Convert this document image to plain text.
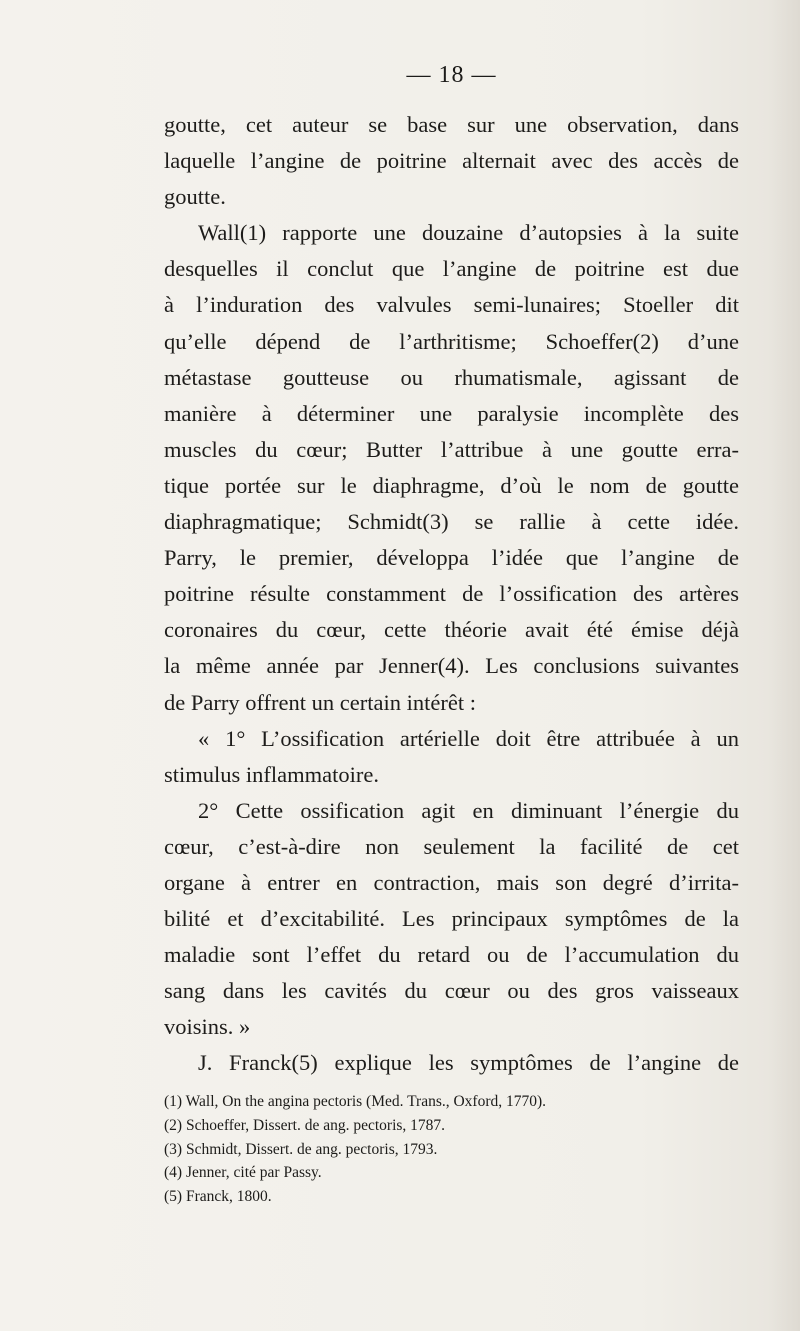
— 18 —
goutte, cet auteur se base sur une observation, dans
laquelle l’angine de poitrine alternait avec des accès de
goutte.
Wall(1) rapporte une douzaine d’autopsies à la suite
desquelles il conclut que l’angine de poitrine est due
à l’induration des valvules semi-lunaires; Stoeller dit
qu’elle dépend de l’arthritisme; Schoeffer(2) d’une
métastase goutteuse ou rhumatismale, agissant de
manière à déterminer une paralysie incomplète des
muscles du cœur; Butter l’attribue à une goutte erra-
tique portée sur le diaphragme, d’où le nom de goutte
diaphragmatique; Schmidt(3) se rallie à cette idée.
Parry, le premier, développa l’idée que l’angine de
poitrine résulte constamment de l’ossification des artères
coronaires du cœur, cette théorie avait été émise déjà
la même année par Jenner(4). Les conclusions suivantes
de Parry offrent un certain intérêt :
« 1° L’ossification artérielle doit être attribuée à un
stimulus inflammatoire.
2° Cette ossification agit en diminuant l’énergie du
cœur, c’est-à-dire non seulement la facilité de cet
organe à entrer en contraction, mais son degré d’irrita-
bilité et d’excitabilité. Les principaux symptômes de la
maladie sont l’effet du retard ou de l’accumulation du
sang dans les cavités du cœur ou des gros vaisseaux
voisins. »
J. Franck(5) explique les symptômes de l’angine de
(1) Wall, On the angina pectoris (Med. Trans., Oxford, 1770).
(2) Schoeffer, Dissert. de ang. pectoris, 1787.
(3) Schmidt, Dissert. de ang. pectoris, 1793.
(4) Jenner, cité par Passy.
(5) Franck, 1800.
